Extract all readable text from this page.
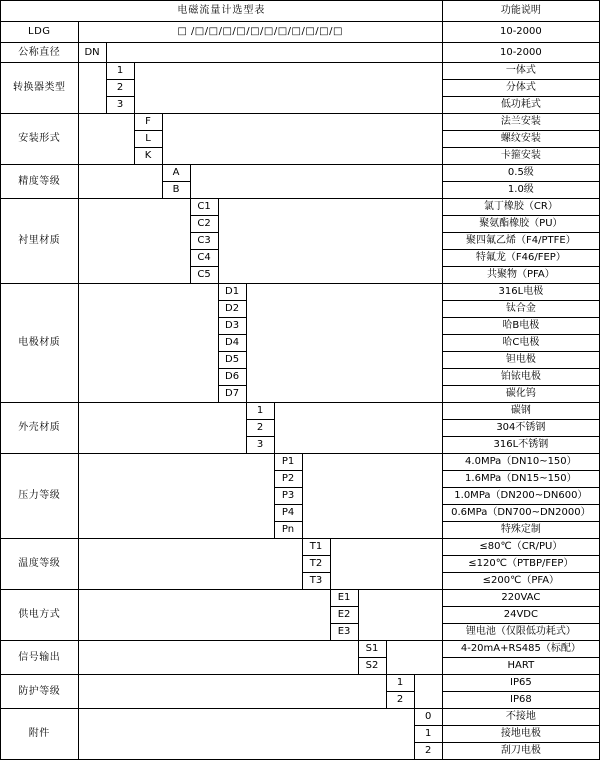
电磁流量计选型表														功能说明
LDG	□ /□/□/□/□/□/□/□/□/□/□/□													10-2000
公称直径	DN													10-2000
转换器类型		1												一体式
		2												分体式
		3												低功耗式
安装形式			F											法兰安装
			L											螺纹安装
			K											卡箍安装
精度等级				A										0.5级
				B										1.0级
衬里材质					C1									氯丁橡胶（CR）
					C2									聚氨酯橡胶（PU）
					C3									聚四氟乙烯（F4/PTFE）
					C4									特氟龙（F46/FEP）
					C5									共聚物（PFA）
电极材质						D1								316L电极
						D2								钛合金
						D3								哈B电极
						D4								哈C电极
						D5								钽电极
						D6								铂铱电极
						D7								碳化钨
外壳材质							1							碳钢
							2							304不锈钢
							3							316L不锈钢
压力等级								P1						4.0MPa（DN10~150）
								P2						1.6MPa（DN15~150）
								P3						1.0MPa（DN200~DN600）
								P4						0.6MPa（DN700~DN2000）
								Pn						特殊定制
温度等级									T1					≤80℃（CR/PU）
									T2					≤120℃（PTBP/FEP）
									T3					≤200℃（PFA）
供电方式										E1				220VAC
										E2				24VDC
										E3				锂电池（仅限低功耗式）
信号输出											S1			4-20mA+RS485（标配）
											S2			HART
防护等级												1		IP65
												2		IP68
附件													0	不接地
													1	接地电极
													2	刮刀电极
